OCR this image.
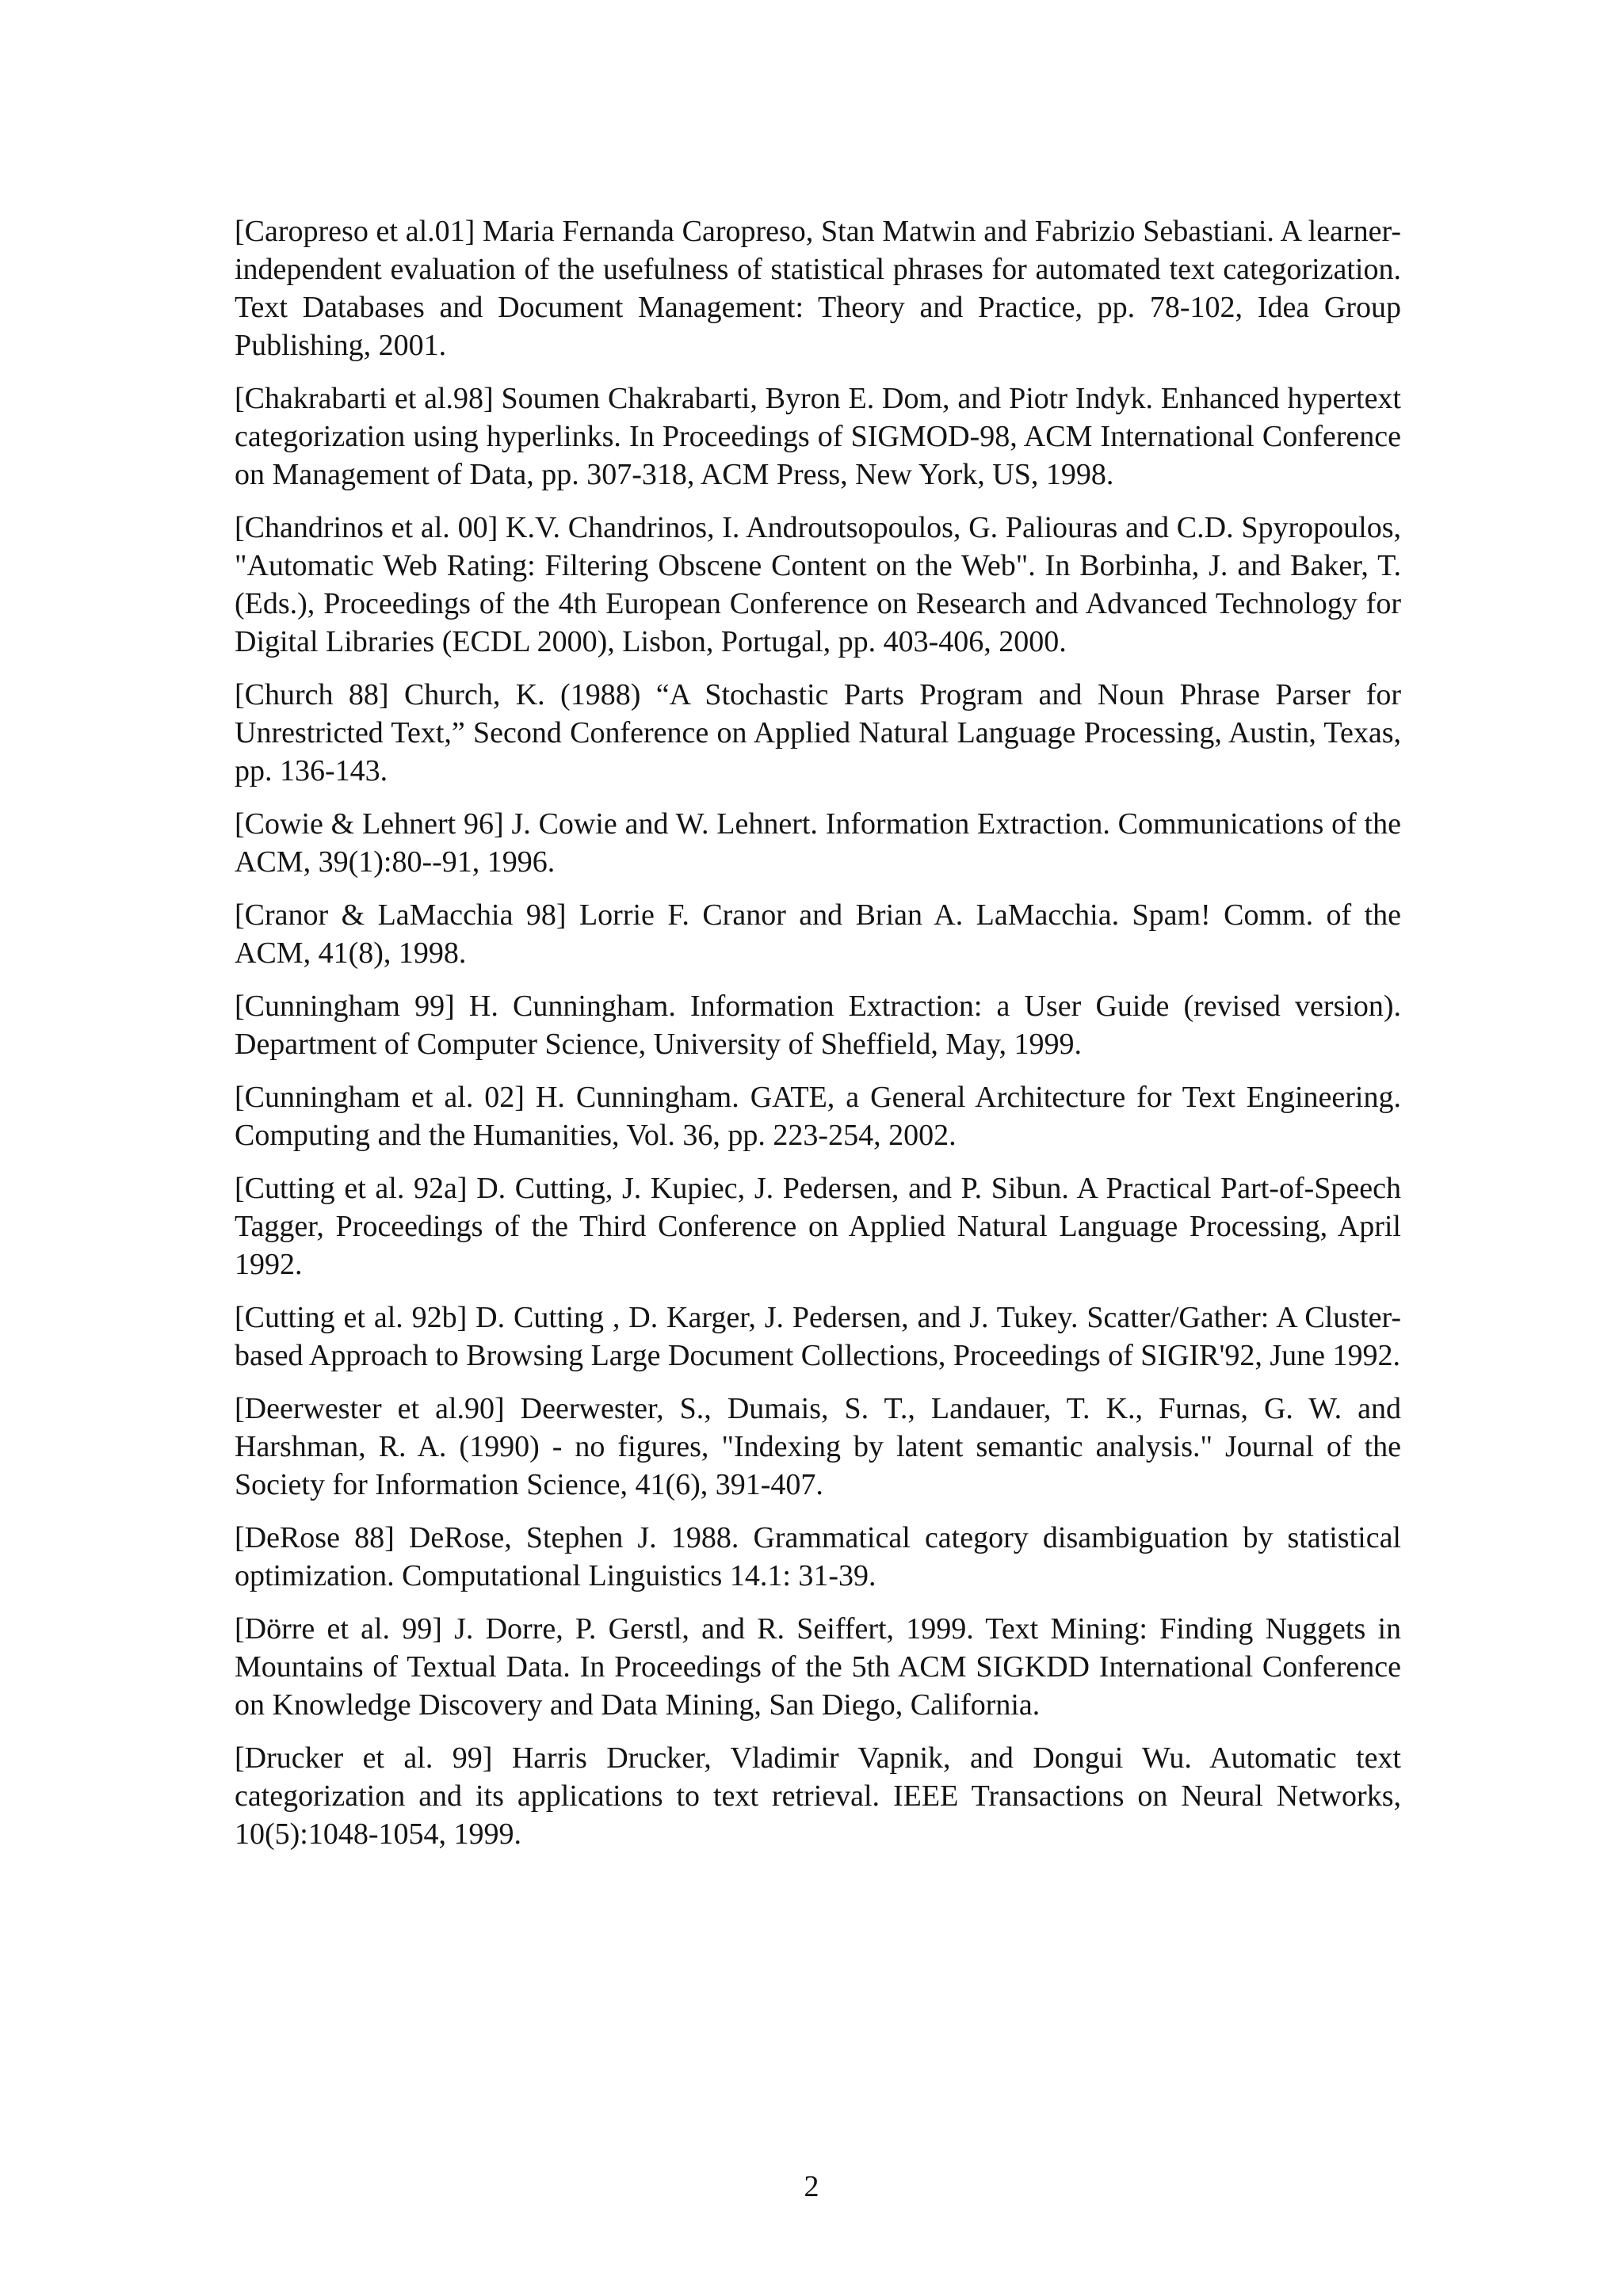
[Caropreso et al.01] Maria Fernanda Caropreso, Stan Matwin and Fabrizio Sebastiani. A learner-independent evaluation of the usefulness of statistical phrases for automated text categorization. Text Databases and Document Management: Theory and Practice, pp. 78-102, Idea Group Publishing, 2001.

[Chakrabarti et al.98] Soumen Chakrabarti, Byron E. Dom, and Piotr Indyk. Enhanced hypertext categorization using hyperlinks. In Proceedings of SIGMOD-98, ACM International Conference on Management of Data, pp. 307-318, ACM Press, New York, US, 1998.

[Chandrinos et al. 00] K.V. Chandrinos, I. Androutsopoulos, G. Paliouras and C.D. Spyropoulos, "Automatic Web Rating: Filtering Obscene Content on the Web". In Borbinha, J. and Baker, T. (Eds.), Proceedings of the 4th European Conference on Research and Advanced Technology for Digital Libraries (ECDL 2000), Lisbon, Portugal, pp. 403-406, 2000.

[Church 88] Church, K. (1988) “A Stochastic Parts Program and Noun Phrase Parser for Unrestricted Text,” Second Conference on Applied Natural Language Processing, Austin, Texas, pp. 136-143.

[Cowie & Lehnert 96] J. Cowie and W. Lehnert. Information Extraction. Communications of the ACM, 39(1):80--91, 1996.

[Cranor & LaMacchia 98] Lorrie F. Cranor and Brian A. LaMacchia. Spam! Comm. of the ACM, 41(8), 1998.

[Cunningham 99] H. Cunningham. Information Extraction: a User Guide (revised version). Department of Computer Science, University of Sheffield, May, 1999.

[Cunningham et al. 02] H. Cunningham. GATE, a General Architecture for Text Engineering. Computing and the Humanities, Vol. 36, pp. 223-254, 2002.

[Cutting et al. 92a] D. Cutting, J. Kupiec, J. Pedersen, and P. Sibun. A Practical Part-of-Speech Tagger, Proceedings of the Third Conference on Applied Natural Language Processing, April 1992.

[Cutting et al. 92b] D. Cutting , D. Karger, J. Pedersen, and J. Tukey. Scatter/Gather: A Cluster-based Approach to Browsing Large Document Collections, Proceedings of SIGIR'92, June 1992.

[Deerwester et al.90] Deerwester, S., Dumais, S. T., Landauer, T. K., Furnas, G. W. and Harshman, R. A. (1990) - no figures, "Indexing by latent semantic analysis." Journal of the Society for Information Science, 41(6), 391-407.

[DeRose 88] DeRose, Stephen J. 1988. Grammatical category disambiguation by statistical optimization. Computational Linguistics 14.1: 31-39.

[Dörre et al. 99] J. Dorre, P. Gerstl, and R. Seiffert, 1999. Text Mining: Finding Nuggets in Mountains of Textual Data. In Proceedings of the 5th ACM SIGKDD International Conference on Knowledge Discovery and Data Mining, San Diego, California.

[Drucker et al. 99] Harris Drucker, Vladimir Vapnik, and Dongui Wu. Automatic text categorization and its applications to text retrieval. IEEE Transactions on Neural Networks, 10(5):1048-1054, 1999.

2
